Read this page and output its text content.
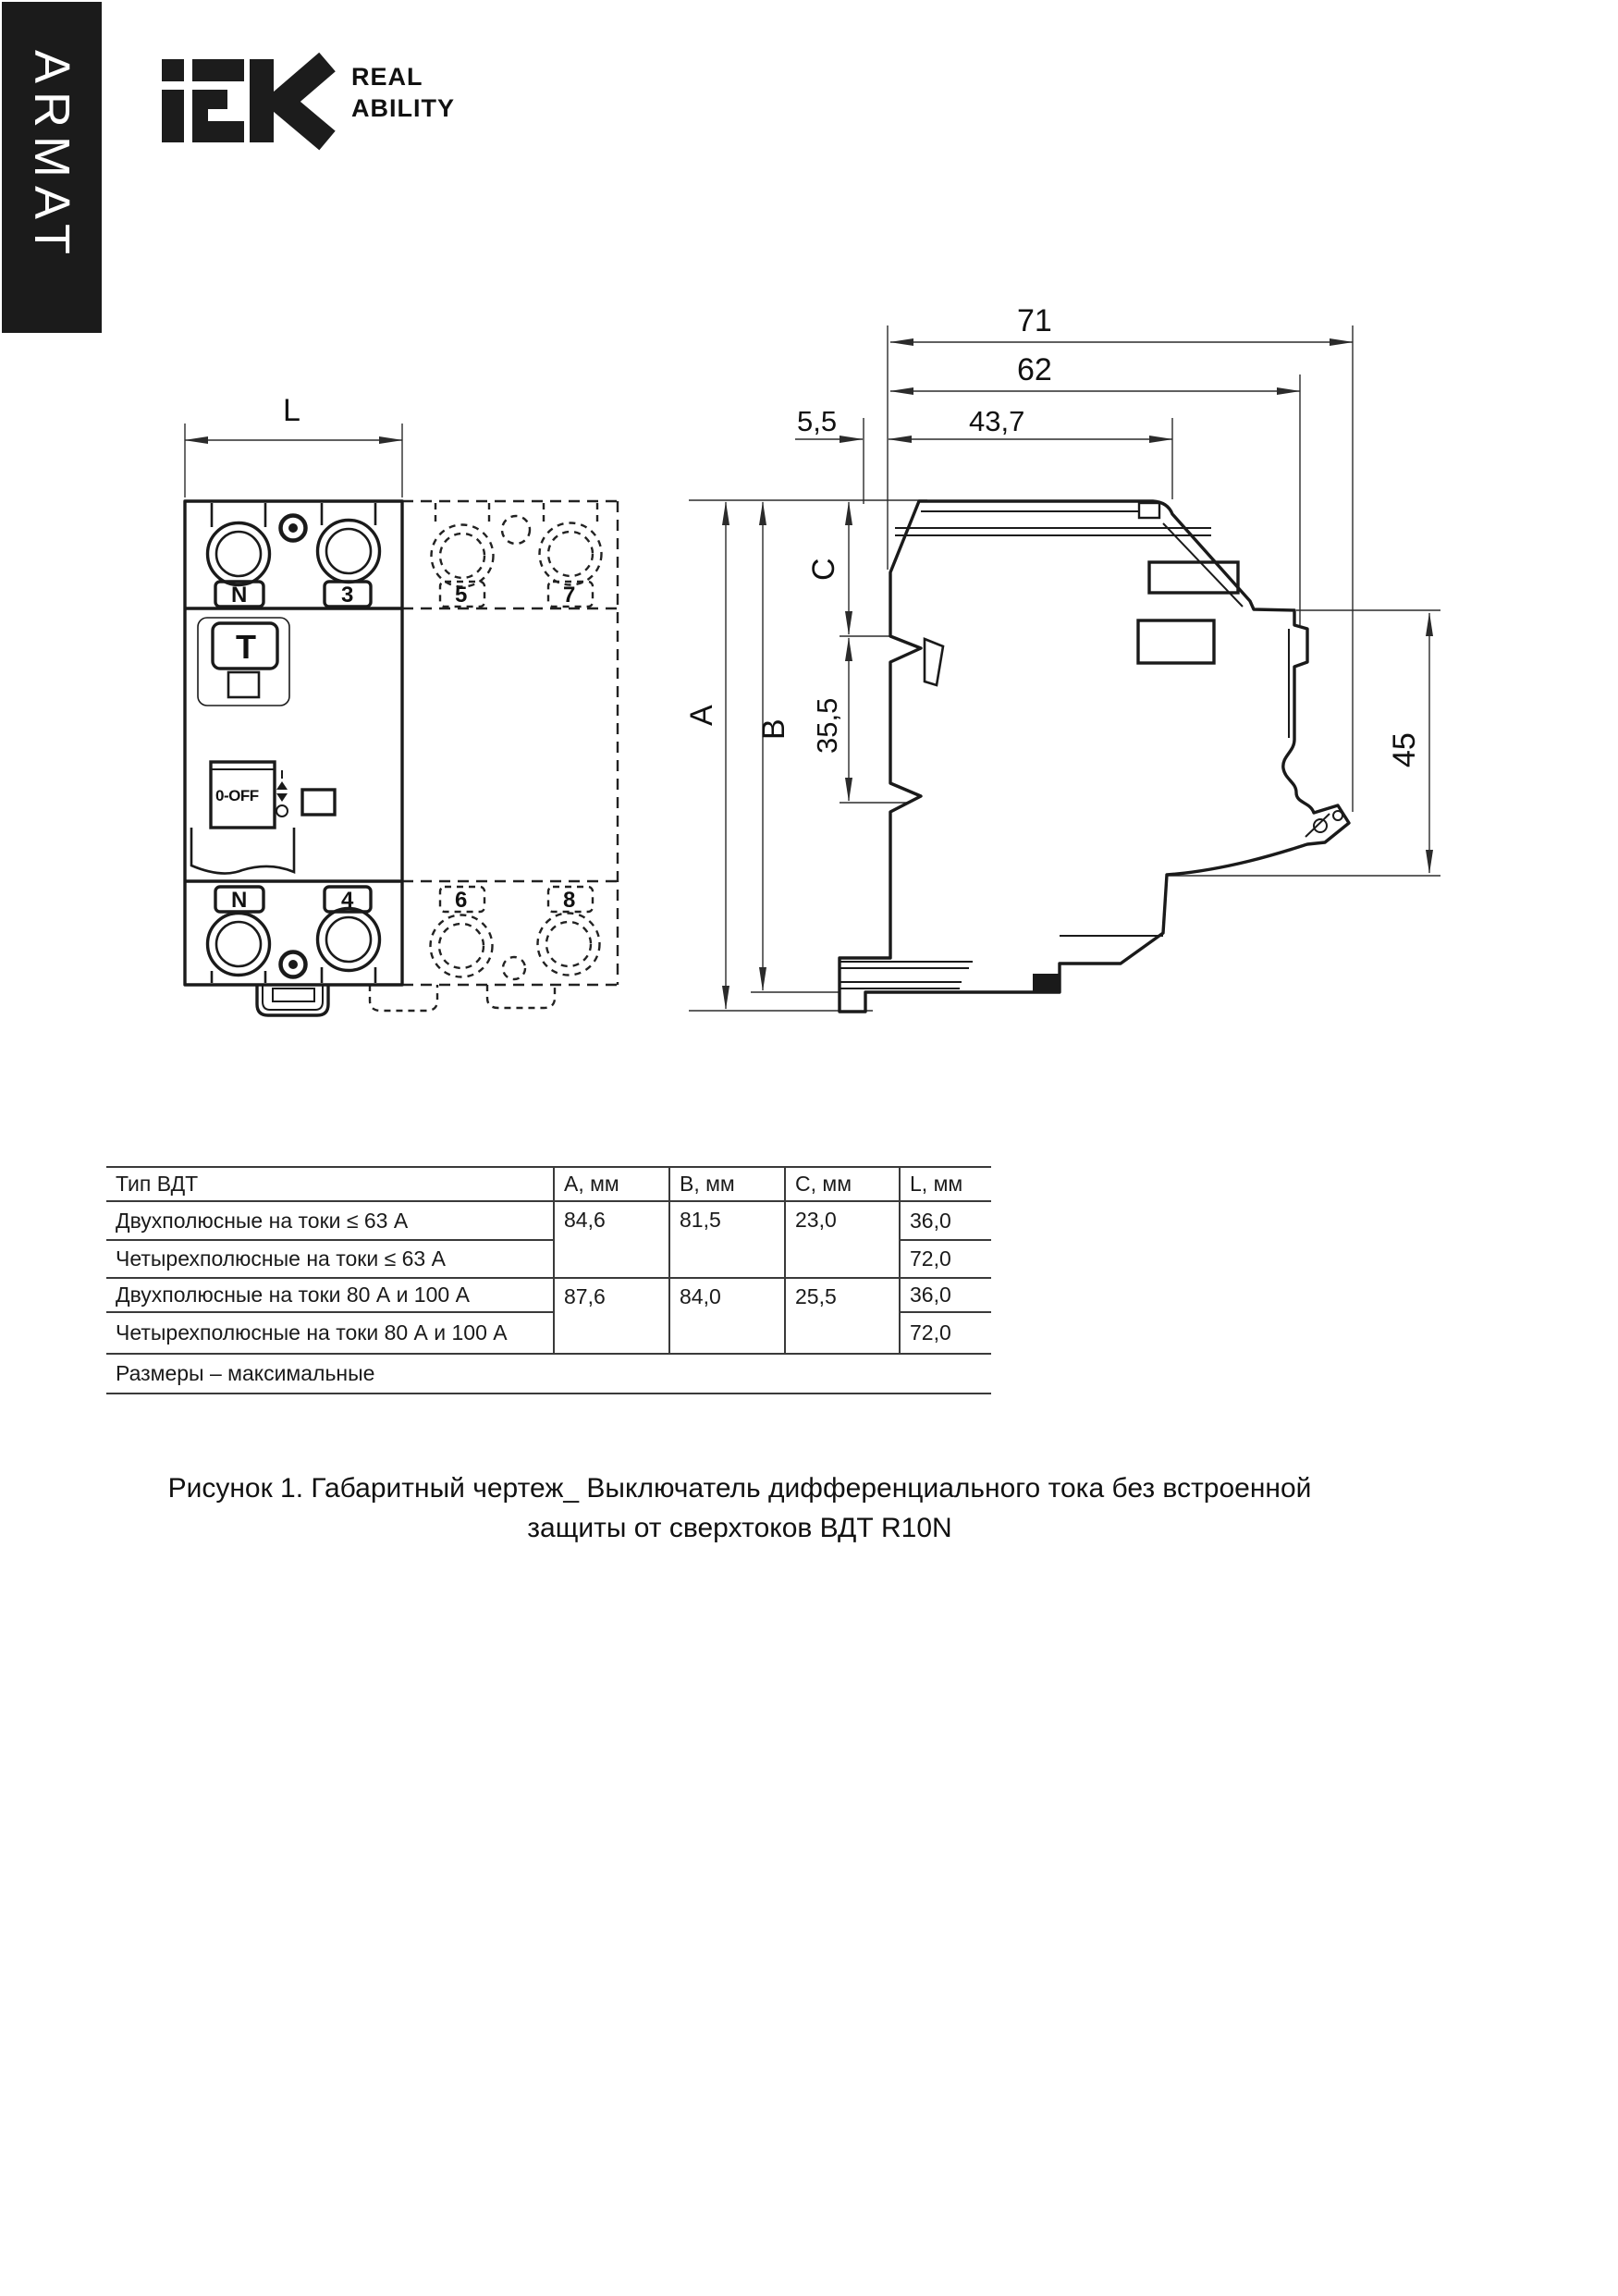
ARMAT	REAL
ABILITY
L
5	7
6	8
N	3
T
0-OFF
N	4
71
62
5,5	43,7
A
B
C
35,5	45
Тип ВДТ	A, мм	B, мм	C, мм	L, мм
Двухполюсные на токи ≤ 63 А	84,6	81,5	23,0	36,0
Четырехполюсные на токи ≤ 63 А				72,0
Двухполюсные на токи 80 А и 100 А	87,6	84,0	25,5	36,0
Четырехполюсные на токи 80 А и 100 А				72,0
Размеры – максимальные				
Рисунок 1. Габаритный чертеж_ Выключатель дифференциального тока без встроенной
защиты от сверхтоков ВДТ R10N
